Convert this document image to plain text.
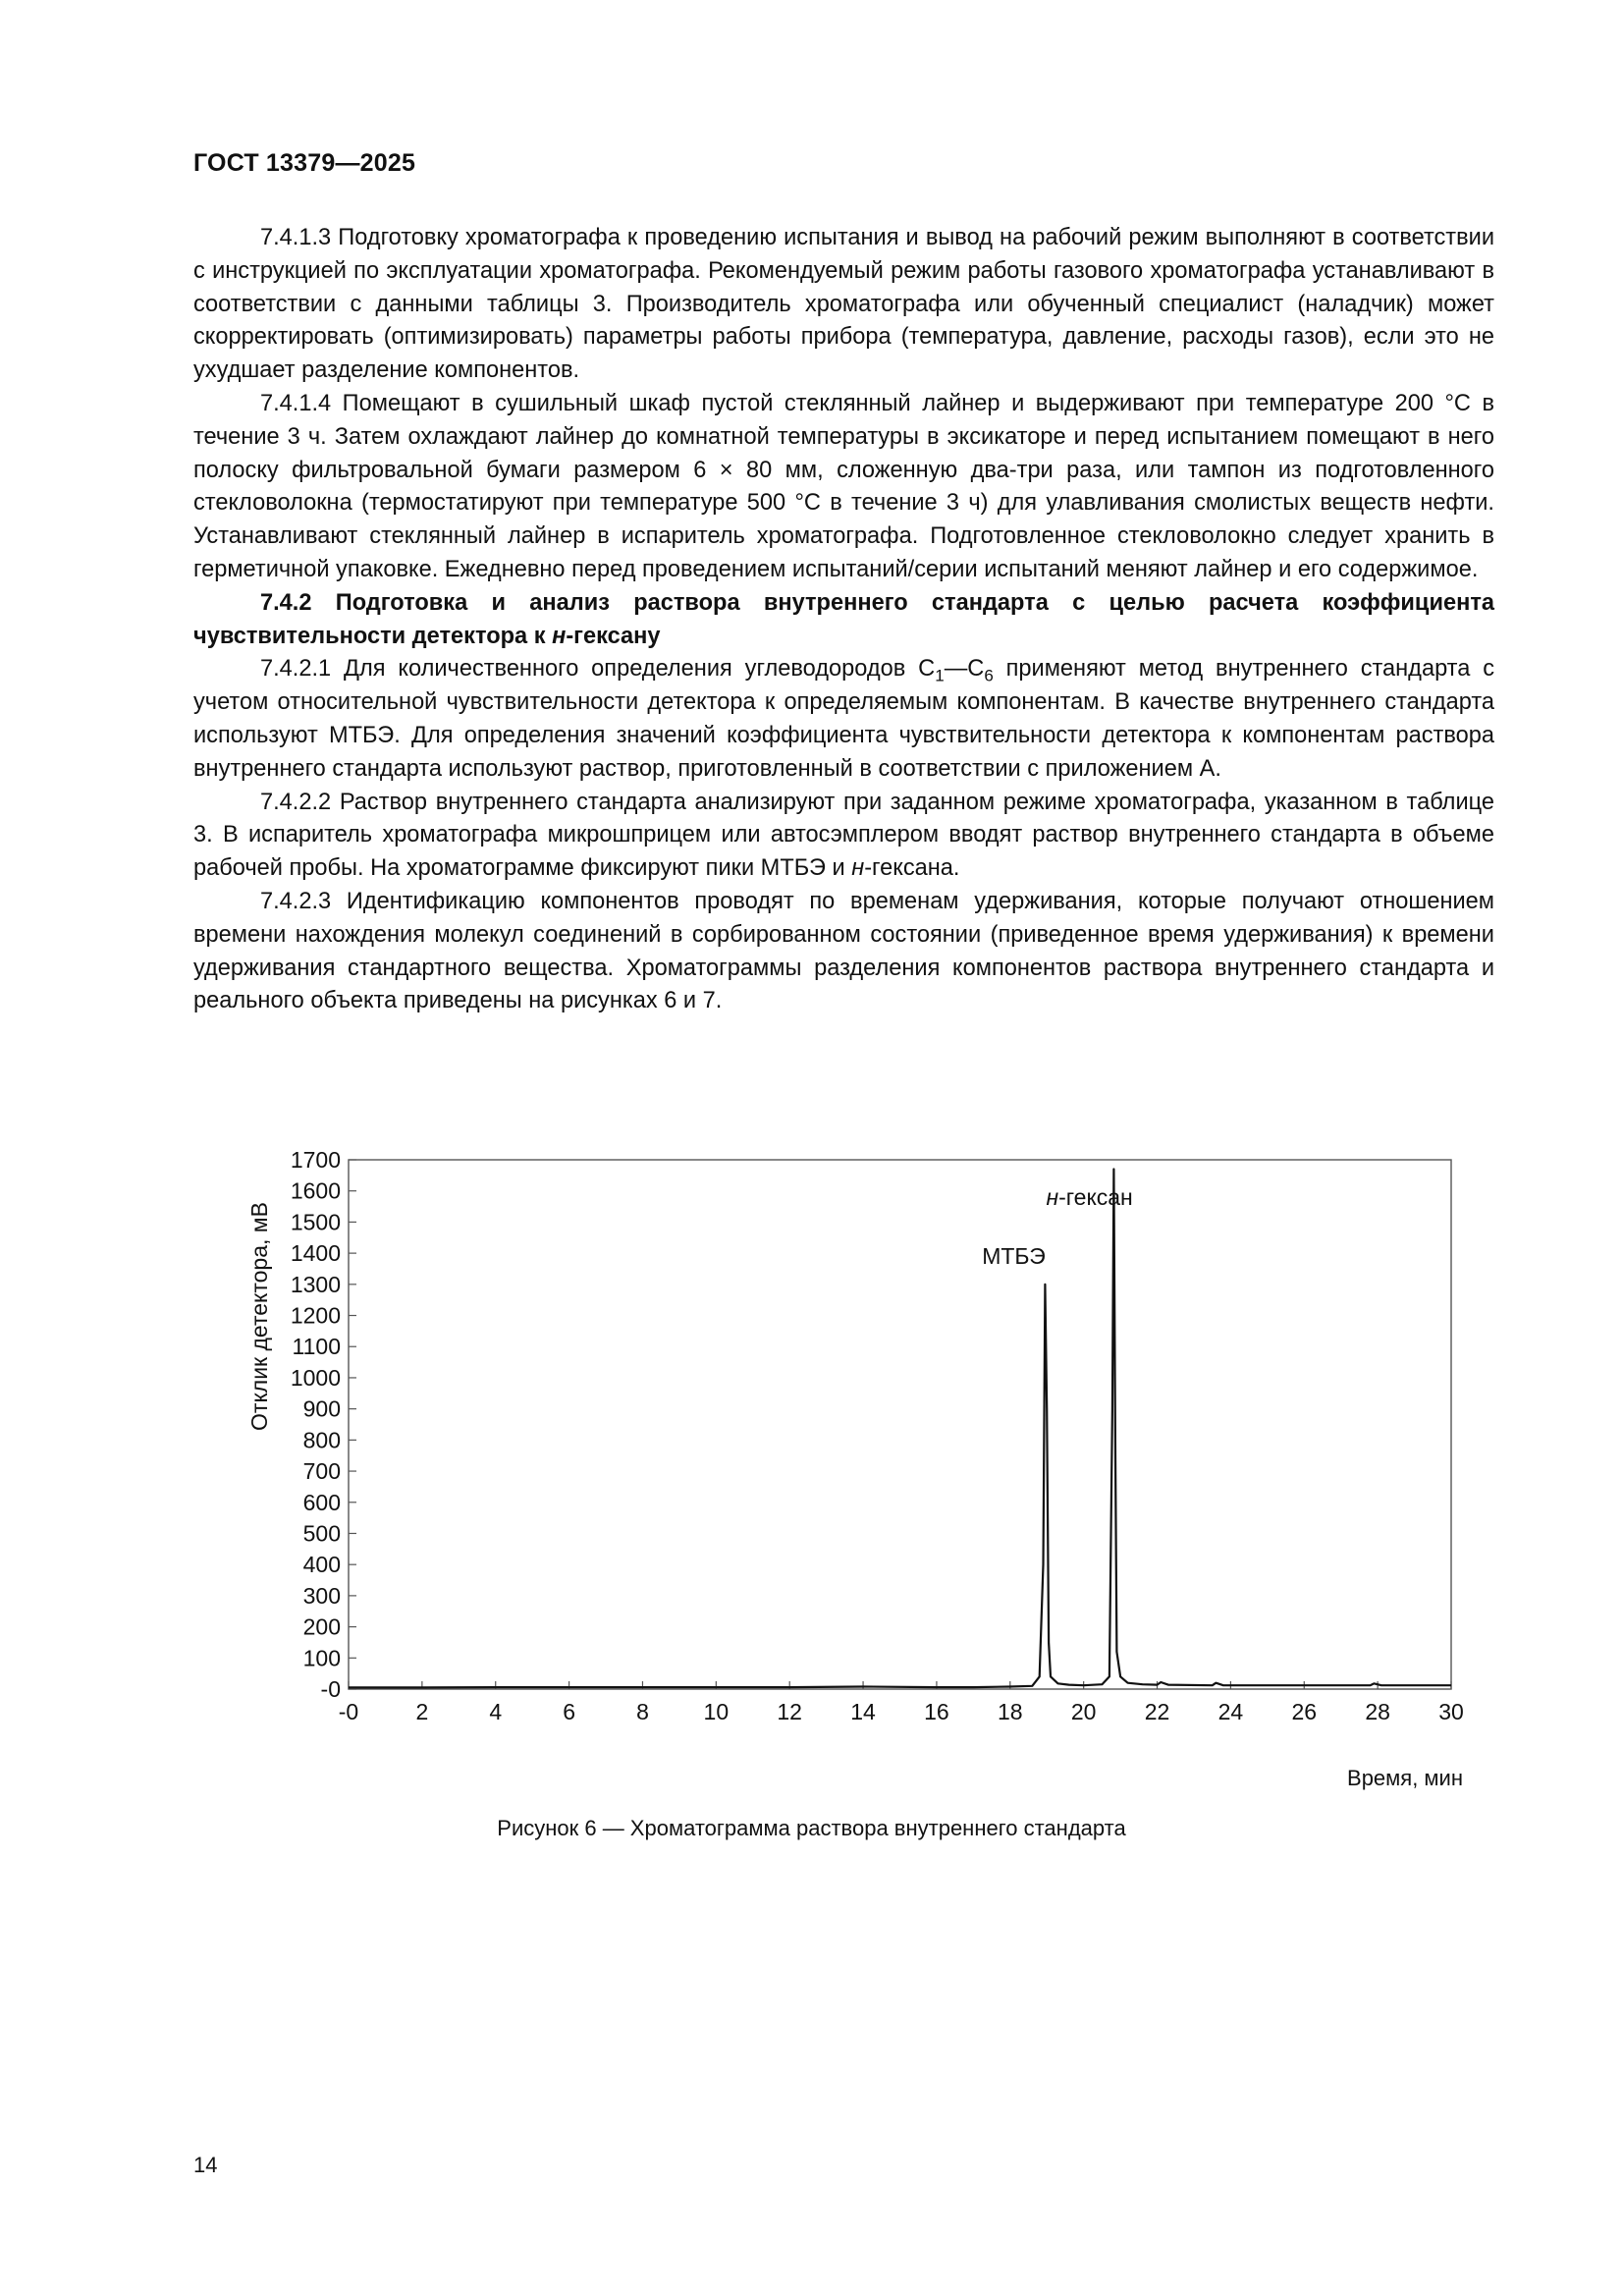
ГОСТ 13379—2025

7.4.1.3 Подготовку хроматографа к проведению испытания и вывод на рабочий режим выполняют в соответствии с инструкцией по эксплуатации хроматографа. Рекомендуемый режим работы газового хроматографа устанавливают в соответствии с данными таблицы 3. Производитель хроматографа или обученный специалист (наладчик) может скорректировать (оптимизировать) параметры работы прибора (температура, давление, расходы газов), если это не ухудшает разделение компонентов.

7.4.1.4 Помещают в сушильный шкаф пустой стеклянный лайнер и выдерживают при температуре 200 °С в течение 3 ч. Затем охлаждают лайнер до комнатной температуры в эксикаторе и перед испытанием помещают в него полоску фильтровальной бумаги размером 6 × 80 мм, сложенную два-три раза, или тампон из подготовленного стекловолокна (термостатируют при температуре 500 °С в течение 3 ч) для улавливания смолистых веществ нефти. Устанавливают стеклянный лайнер в испаритель хроматографа. Подготовленное стекловолокно следует хранить в герметичной упаковке. Ежедневно перед проведением испытаний/серии испытаний меняют лайнер и его содержимое.

7.4.2 Подготовка и анализ раствора внутреннего стандарта с целью расчета коэффициента чувствительности детектора к н-гексану

7.4.2.1 Для количественного определения углеводородов $С_1—С_6$ применяют метод внутреннего стандарта с учетом относительной чувствительности детектора к определяемым компонентам. В качестве внутреннего стандарта используют МТБЭ. Для определения значений коэффициента чувствительности детектора к компонентам раствора внутреннего стандарта используют раствор, приготовленный в соответствии с приложением А.

7.4.2.2 Раствор внутреннего стандарта анализируют при заданном режиме хроматографа, указанном в таблице 3. В испаритель хроматографа микрошприцем или автосэмплером вводят раствор внутреннего стандарта в объеме рабочей пробы. На хроматограмме фиксируют пики МТБЭ и н-гексана.

7.4.2.3 Идентификацию компонентов проводят по временам удерживания, которые получают отношением времени нахождения молекул соединений в сорбированном состоянии (приведенное время удерживания) к времени удерживания стандартного вещества. Хроматограммы разделения компонентов раствора внутреннего стандарта и реального объекта приведены на рисунках 6 и 7.

-0
100
200
300
400
500
600
700
800
900
1000
1100
1200
1300
1400
1500
1600
1700
-0	2	4	6	8 10 12 14 16 18 20 22 24 26 28 30
Отклик детектора, мВ
Время, мин
МТБЭ
н-гексан
Рисунок 6 — Хроматограмма раствора внутреннего стандарта
14
